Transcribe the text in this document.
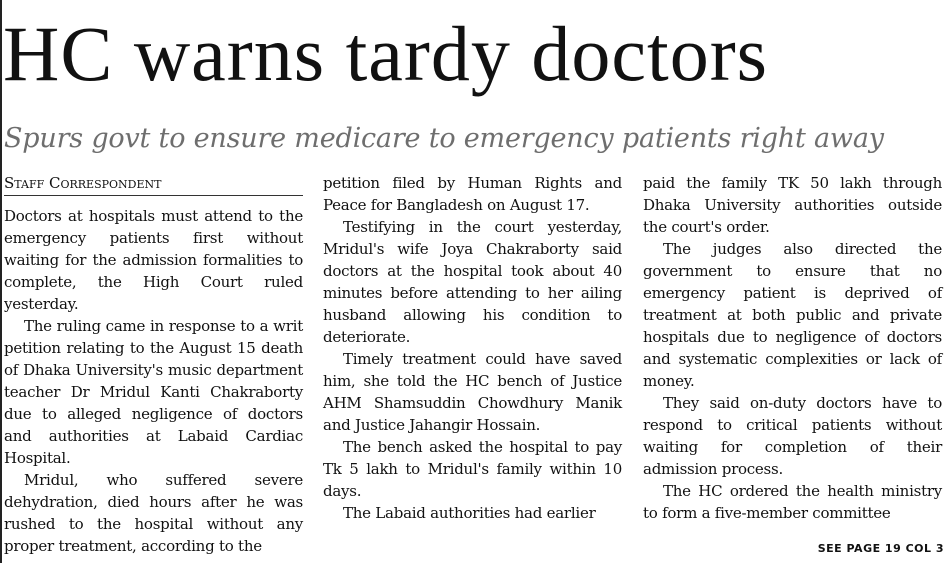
HC warns tardy doctors
Spurs govt to ensure medicare to emergency patients right away
Staff Correspondent

Doctors at hospitals must attend to the emergency patients first without waiting for the admission formalities to complete, the High Court ruled yesterday.

The ruling came in response to a writ petition relating to the August 15 death of Dhaka University's music department teacher Dr Mridul Kanti Chakraborty due to alleged negligence of doctors and authorities at Labaid Cardiac Hospital.

Mridul, who suffered severe dehydration, died hours after he was rushed to the hospital without any proper treatment, according to the

petition filed by Human Rights and Peace for Bangladesh on August 17.

Testifying in the court yesterday, Mridul's wife Joya Chakraborty said doctors at the hospital took about 40 minutes before attending to her ailing husband allowing his condition to deteriorate.

Timely treatment could have saved him, she told the HC bench of Justice AHM Shamsuddin Chowdhury Manik and Justice Jahangir Hossain.

The bench asked the hospital to pay Tk 5 lakh to Mridul's family within 10 days.

The Labaid authorities had earlier

paid the family TK 50 lakh through Dhaka University authorities outside the court's order.

The judges also directed the government to ensure that no emergency patient is deprived of treatment at both public and private hospitals due to negligence of doctors and systematic complexities or lack of money.

They said on-duty doctors have to respond to critical patients without waiting for completion of their admission process.

The HC ordered the health ministry to form a five-member committee

SEE PAGE 19 COL 3
